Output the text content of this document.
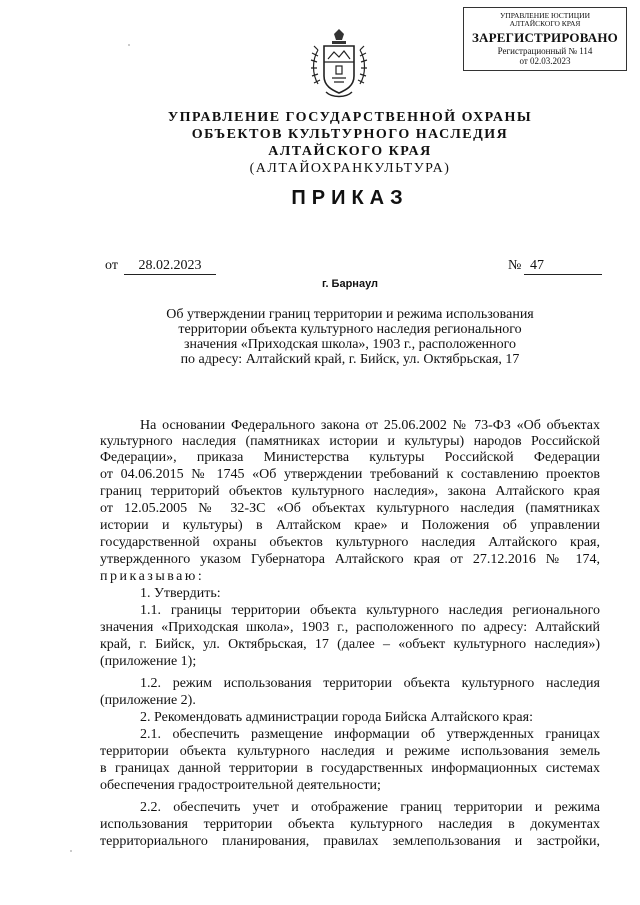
УПРАВЛЕНИЕ ЮСТИЦИИ
АЛТАЙСКОГО КРАЯ
ЗАРЕГИСТРИРОВАНО
Регистрационный № 114
от 02.03.2023
УПРАВЛЕНИЕ ГОСУДАРСТВЕННОЙ ОХРАНЫ
ОБЪЕКТОВ КУЛЬТУРНОГО НАСЛЕДИЯ
АЛТАЙСКОГО КРАЯ
(АЛТАЙОХРАНКУЛЬТУРА)
ПРИКАЗ
от	28.02.2023	№ 47
г. Барнаул
Об утверждении границ территории и режима использования
территории объекта культурного наследия регионального
значения «Приходская школа», 1903 г., расположенного
по адресу: Алтайский край, г. Бийск, ул. Октябрьская, 17
На основании Федерального закона от 25.06.2002 № 73-ФЗ «Об объектах
культурного наследия (памятниках истории и культуры) народов Российской
Федерации», приказа Министерства культуры Российской Федерации
от 04.06.2015 № 1745 «Об утверждении требований к составлению проектов
границ территорий объектов культурного наследия», закона Алтайского края
от 12.05.2005 № 32-ЗС «Об объектах культурного наследия (памятниках
истории и культуры) в Алтайском крае» и Положения об управлении
государственной охраны объектов культурного наследия Алтайского края,
утвержденного указом Губернатора Алтайского края от 27.12.2016 № 174,
приказываю:
1. Утвердить:
1.1. границы территории объекта культурного наследия регионального
значения «Приходская школа», 1903 г., расположенного по адресу: Алтайский
край, г. Бийск, ул. Октябрьская, 17 (далее – «объект культурного наследия»)
(приложение 1);
1.2. режим использования территории объекта культурного наследия
(приложение 2).
2. Рекомендовать администрации города Бийска Алтайского края:
2.1. обеспечить размещение информации об утвержденных границах
территории объекта культурного наследия и режиме использования земель
в границах данной территории в государственных информационных системах
обеспечения градостроительной деятельности;
2.2. обеспечить учет и отображение границ территории и режима
использования территории объекта культурного наследия в документах
территориального планирования, правилах землепользования и застройки,
